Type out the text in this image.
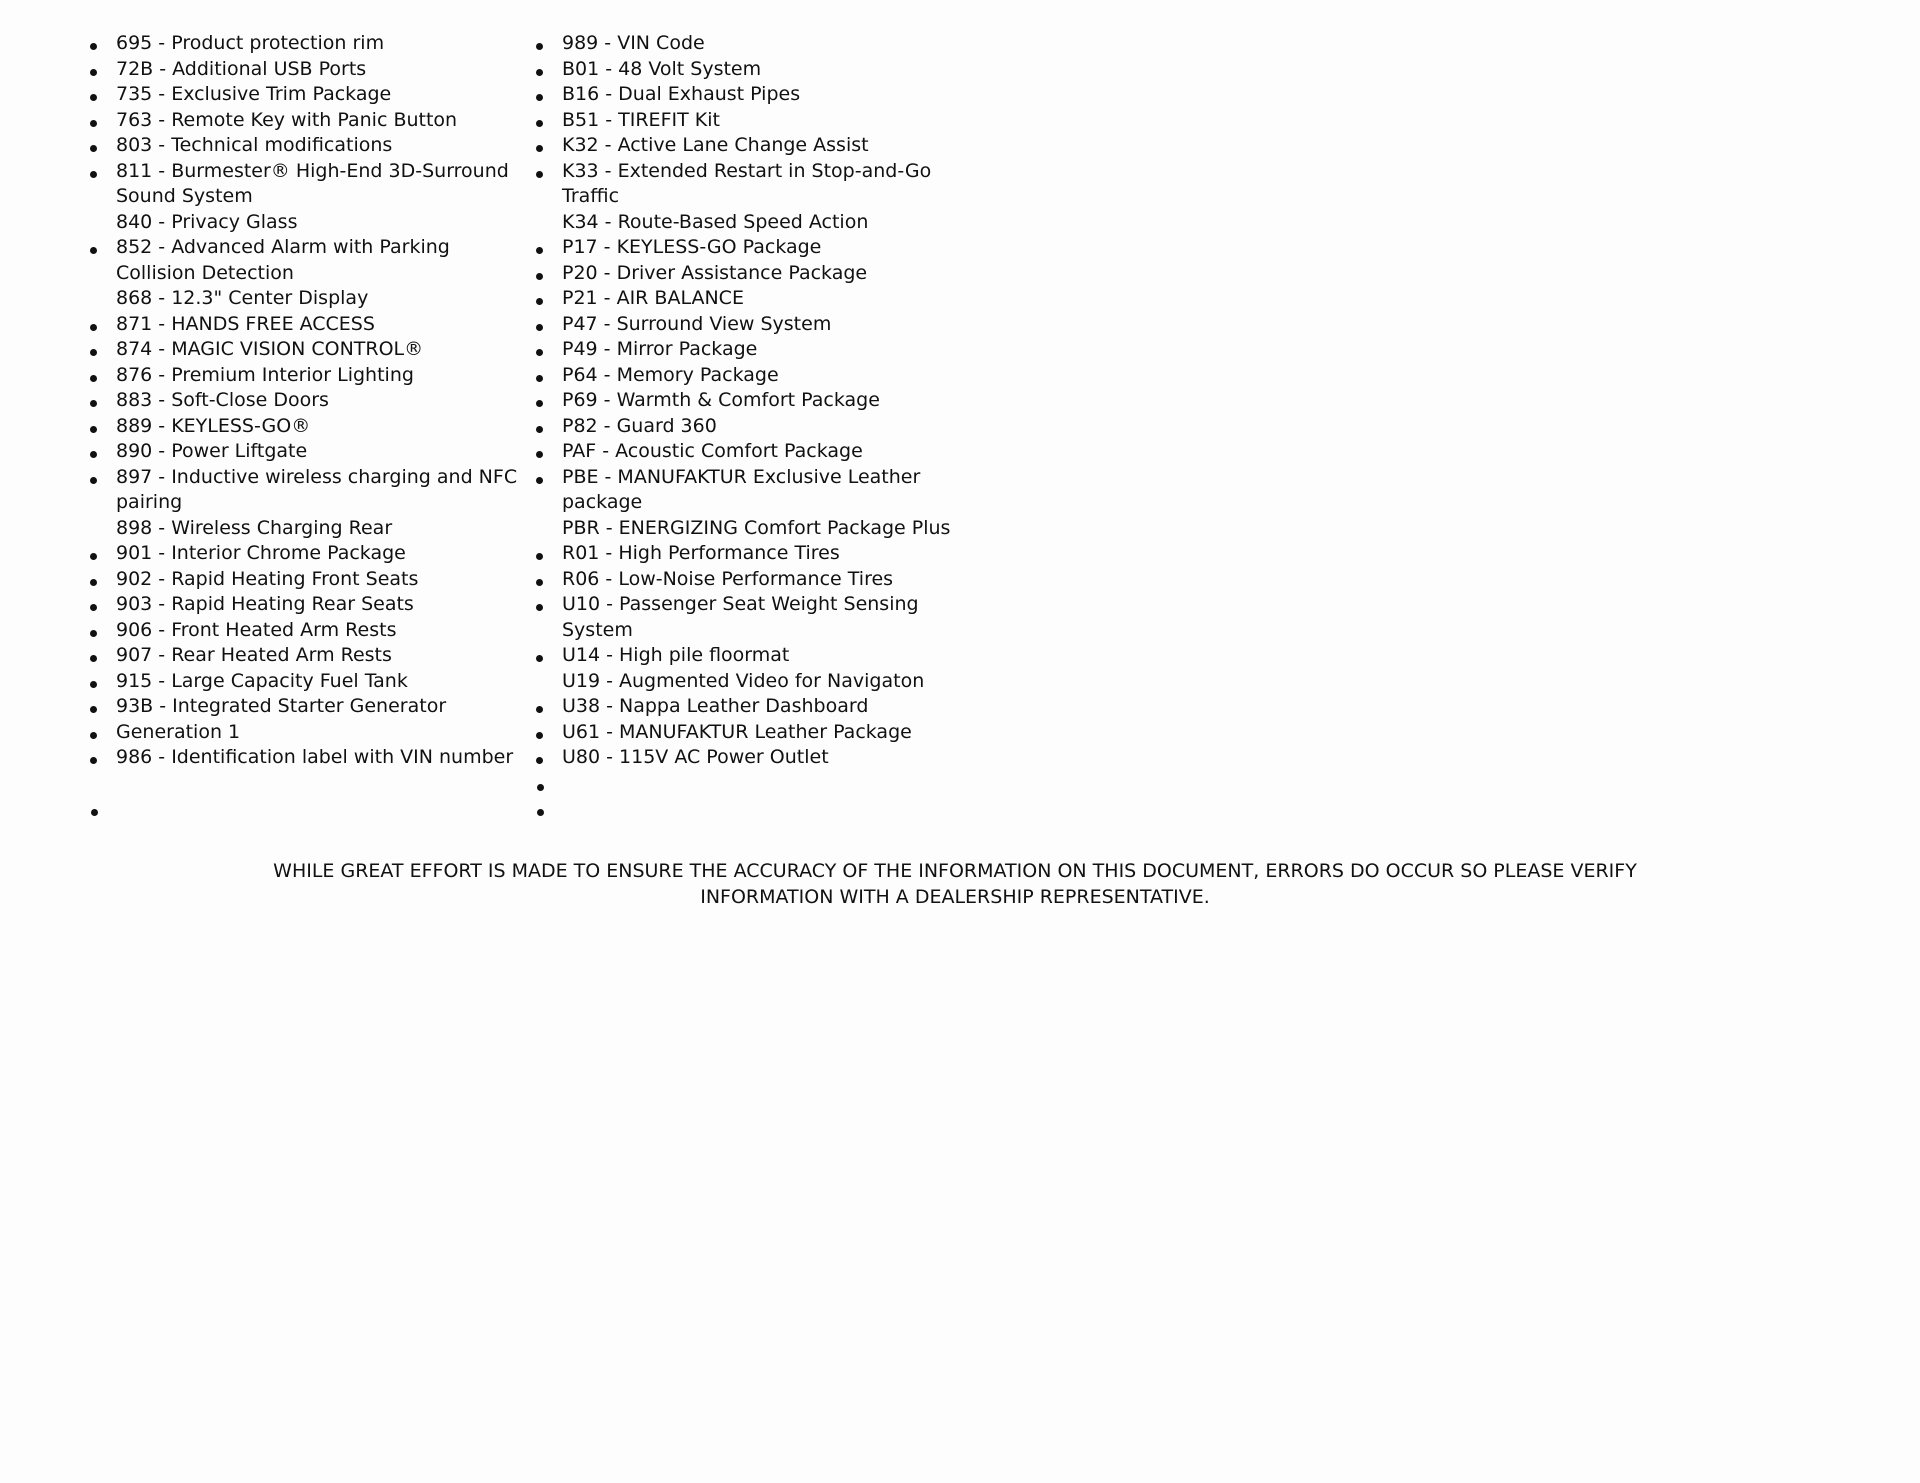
695 - Product protection rim
72B - Additional USB Ports
735 - Exclusive Trim Package
763 - Remote Key with Panic Button
803 - Technical modifications
811 - Burmester® High-End 3D-Surround
Sound System
840 - Privacy Glass
852 - Advanced Alarm with Parking
Collision Detection
868 - 12.3" Center Display
871 - HANDS FREE ACCESS
874 - MAGIC VISION CONTROL®
876 - Premium Interior Lighting
883 - Soft-Close Doors
889 - KEYLESS-GO®
890 - Power Liftgate
897 - Inductive wireless charging and NFC
pairing
898 - Wireless Charging Rear
901 - Interior Chrome Package
902 - Rapid Heating Front Seats
903 - Rapid Heating Rear Seats
906 - Front Heated Arm Rests
907 - Rear Heated Arm Rests
915 - Large Capacity Fuel Tank
93B - Integrated Starter Generator
Generation 1
986 - Identification label with VIN number
989 - VIN Code
B01 - 48 Volt System
B16 - Dual Exhaust Pipes
B51 - TIREFIT Kit
K32 - Active Lane Change Assist
K33 - Extended Restart in Stop-and-Go
Traffic
K34 - Route-Based Speed Action
P17 - KEYLESS-GO Package
P20 - Driver Assistance Package
P21 - AIR BALANCE
P47 - Surround View System
P49 - Mirror Package
P64 - Memory Package
P69 - Warmth & Comfort Package
P82 - Guard 360
PAF - Acoustic Comfort Package
PBE - MANUFAKTUR Exclusive Leather
package
PBR - ENERGIZING Comfort Package Plus
R01 - High Performance Tires
R06 - Low-Noise Performance Tires
U10 - Passenger Seat Weight Sensing
System
U14 - High pile floormat
U19 - Augmented Video for Navigaton
U38 - Nappa Leather Dashboard
U61 - MANUFAKTUR Leather Package
U80 - 115V AC Power Outlet

WHILE GREAT EFFORT IS MADE TO ENSURE THE ACCURACY OF THE INFORMATION ON THIS DOCUMENT, ERRORS DO OCCUR SO PLEASE VERIFY INFORMATION WITH A DEALERSHIP REPRESENTATIVE.
